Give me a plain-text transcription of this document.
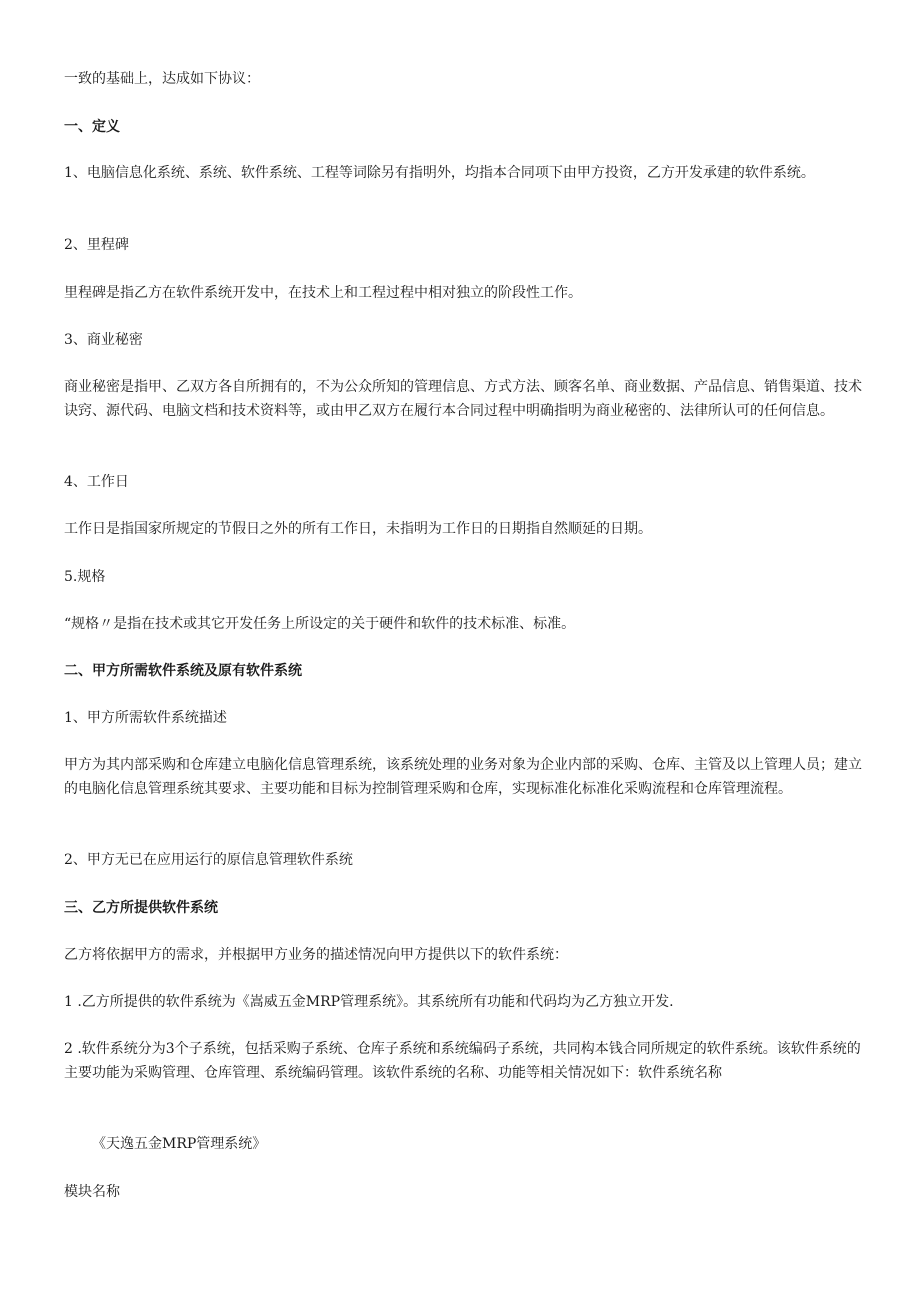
一致的基础上，达成如下协议：
一、定义
1、电脑信息化系统、系统、软件系统、工程等词除另有指明外，均指本合同项下由甲方投资，乙方开发承建的软件系统。
2、里程碑
里程碑是指乙方在软件系统开发中，在技术上和工程过程中相对独立的阶段性工作。
3、商业秘密
商业秘密是指甲、乙双方各自所拥有的，不为公众所知的管理信息、方式方法、顾客名单、商业数据、产品信息、销售渠道、技术诀窍、源代码、电脑文档和技术资料等，或由甲乙双方在履行本合同过程中明确指明为商业秘密的、法律所认可的任何信息。
4、工作日
工作日是指国家所规定的节假日之外的所有工作日，未指明为工作日的日期指自然顺延的日期。
5.规格
“规格〃是指在技术或其它开发任务上所设定的关于硬件和软件的技术标准、标准。
二、甲方所需软件系统及原有软件系统
1、甲方所需软件系统描述
甲方为其内部采购和仓库建立电脑化信息管理系统，该系统处理的业务对象为企业内部的采购、仓库、主管及以上管理人员；建立的电脑化信息管理系统其要求、主要功能和目标为控制管理采购和仓库，实现标准化标准化采购流程和仓库管理流程。
2、甲方无已在应用运行的原信息管理软件系统
三、乙方所提供软件系统
乙方将依据甲方的需求，并根据甲方业务的描述情况向甲方提供以下的软件系统：
1 .乙方所提供的软件系统为《嵩威五金MRP管理系统》。其系统所有功能和代码均为乙方独立开发.
2 .软件系统分为3个子系统，包括采购子系统、仓库子系统和系统编码子系统，共同构本钱合同所规定的软件系统。该软件系统的主要功能为采购管理、仓库管理、系统编码管理。该软件系统的名称、功能等相关情况如下：软件系统名称
《天逸五金MRP管理系统》
模块名称
